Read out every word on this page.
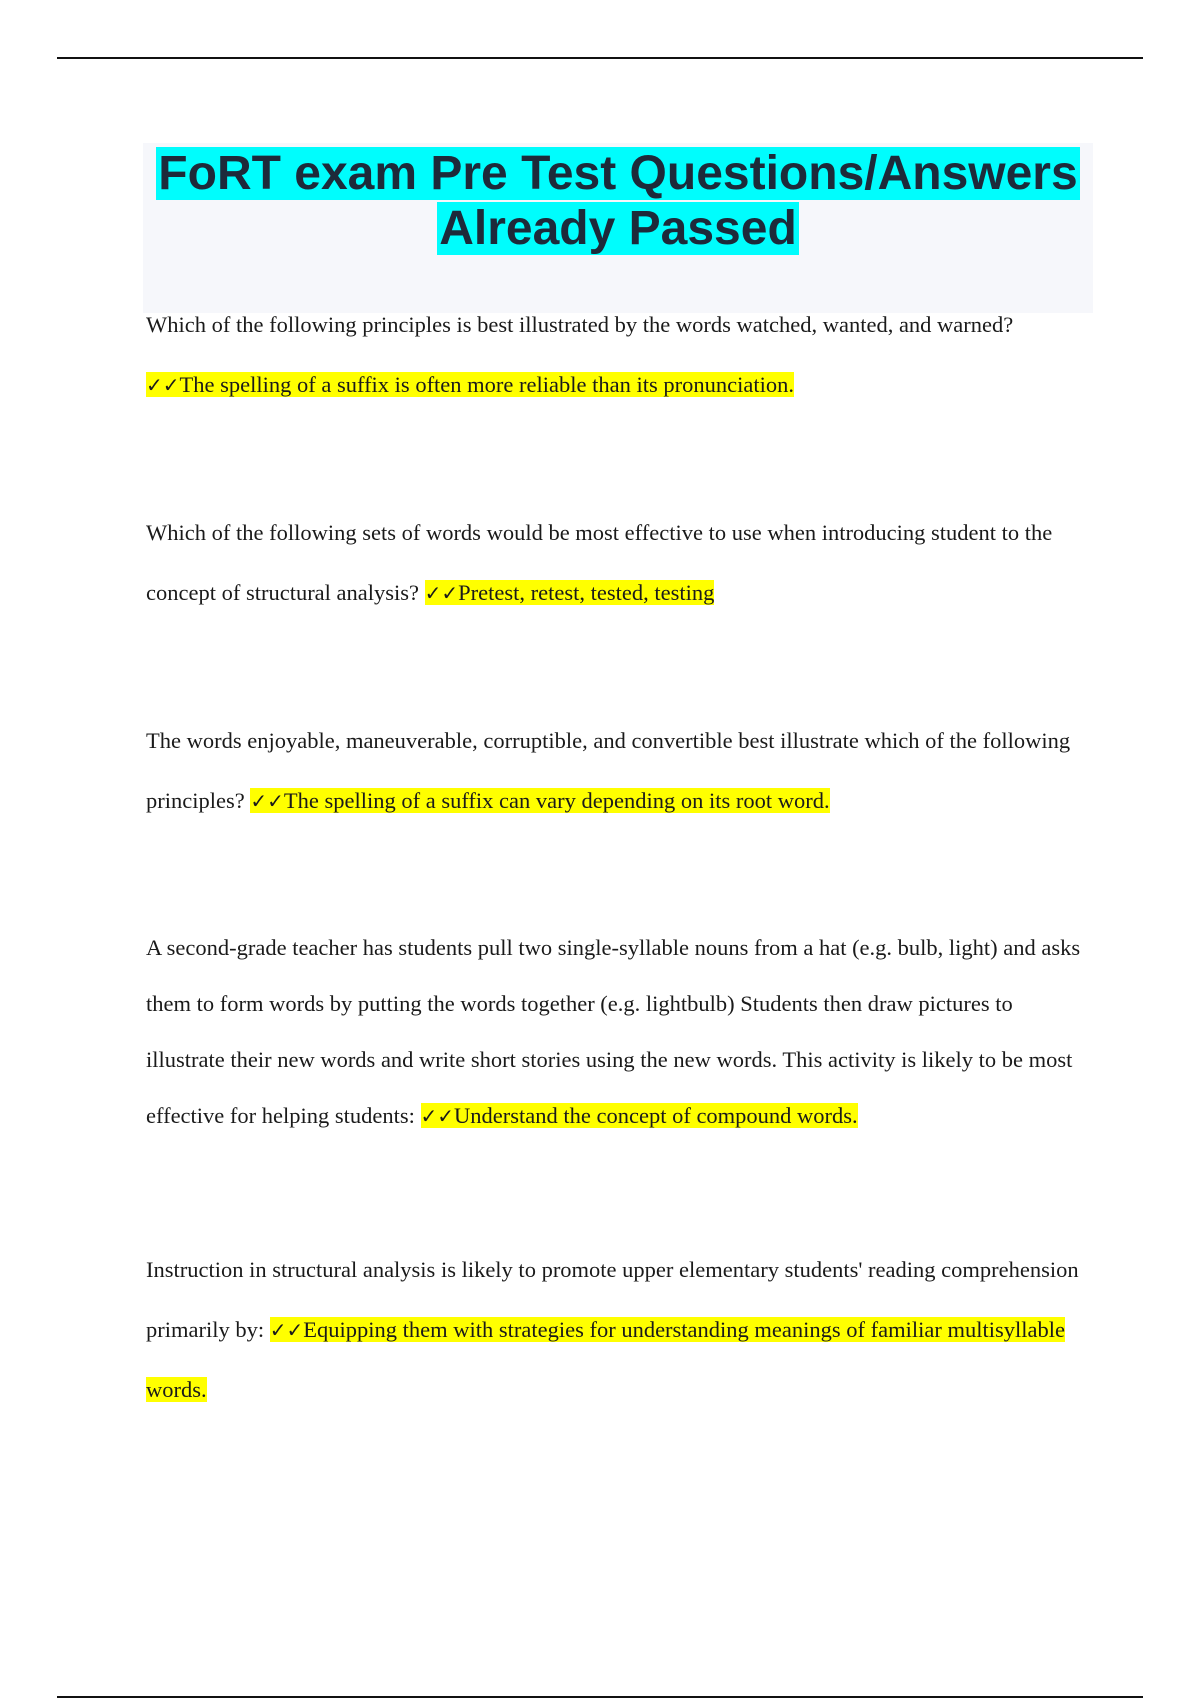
FoRT exam Pre Test Questions/Answers
Already Passed

Which of the following principles is best illustrated by the words watched, wanted, and warned?
✓✓The spelling of a suffix is often more reliable than its pronunciation.

Which of the following sets of words would be most effective to use when introducing student to the concept of structural analysis? ✓✓Pretest, retest, tested, testing

The words enjoyable, maneuverable, corruptible, and convertible best illustrate which of the following principles? ✓✓The spelling of a suffix can vary depending on its root word.

A second-grade teacher has students pull two single-syllable nouns from a hat (e.g. bulb, light) and asks them to form words by putting the words together (e.g. lightbulb) Students then draw pictures to illustrate their new words and write short stories using the new words. This activity is likely to be most effective for helping students: ✓✓Understand the concept of compound words.

Instruction in structural analysis is likely to promote upper elementary students' reading comprehension primarily by: ✓✓Equipping them with strategies for understanding meanings of familiar multisyllable words.
